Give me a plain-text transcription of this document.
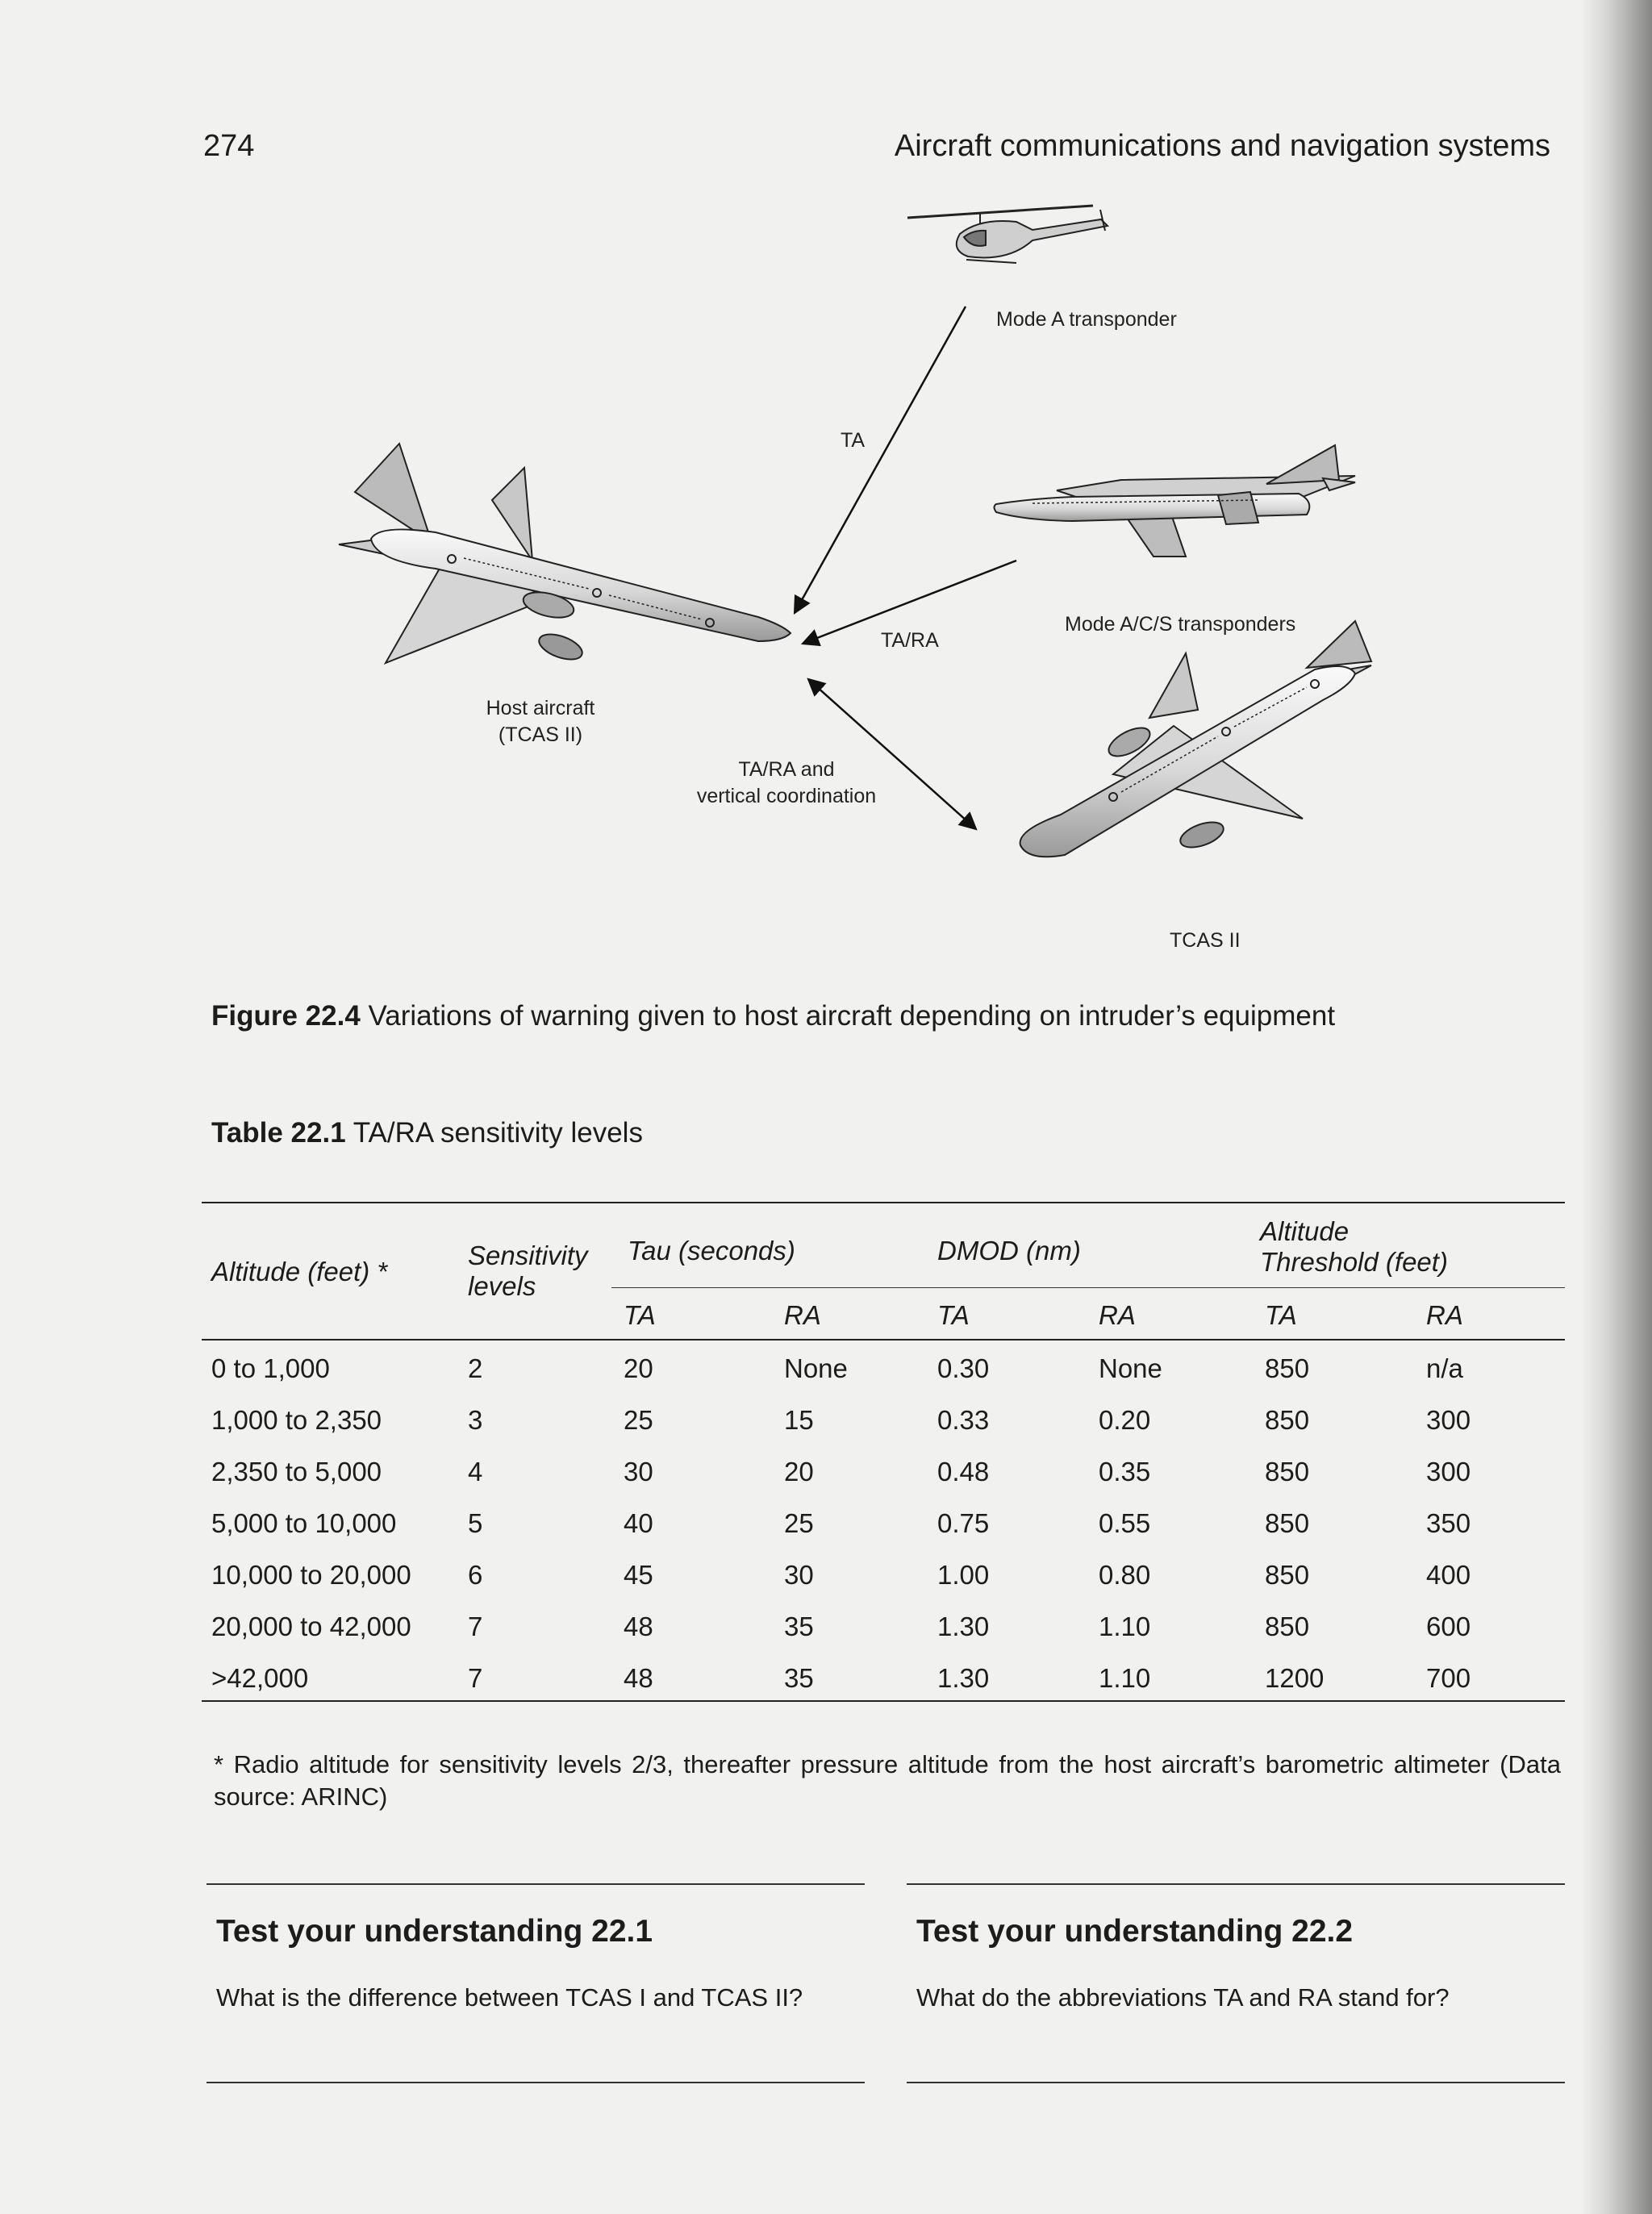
274	Aircraft communications and navigation systems
Mode A transponder
TA
TA/RA
Mode A/C/S transponders
Host aircraft
(TCAS II)
TA/RA and
vertical coordination
TCAS II
Figure 22.4 Variations of warning given to host aircraft depending on intruder’s equipment
Table 22.1 TA/RA sensitivity levels
Altitude (feet) *
Sensitivity
levels
Tau (seconds)	DMOD (nm)
Altitude
Threshold (feet)
TA	RA	TA	RA	TA	RA
0 to 1,000	2	20	None	0.30	None	850	n/a
1,000 to 2,350	3	25	15	0.33	0.20	850	300
2,350 to 5,000	4	30	20	0.48	0.35	850	300
5,000 to 10,000	5	40	25	0.75	0.55	850	350
10,000 to 20,000 6	45	30	1.00	0.80	850	400
20,000 to 42,000 7	48	35	1.30	1.10	850	600
>42,000	7	48	35	1.30	1.10	1200	700
* Radio altitude for sensitivity levels 2/3, thereafter pressure altitude from the host aircraft’s barometric altimeter (Data source: ARINC)
Test your understanding 22.1

What is the difference between TCAS I and TCAS II?

Test your understanding 22.2

What do the abbreviations TA and RA stand for?
